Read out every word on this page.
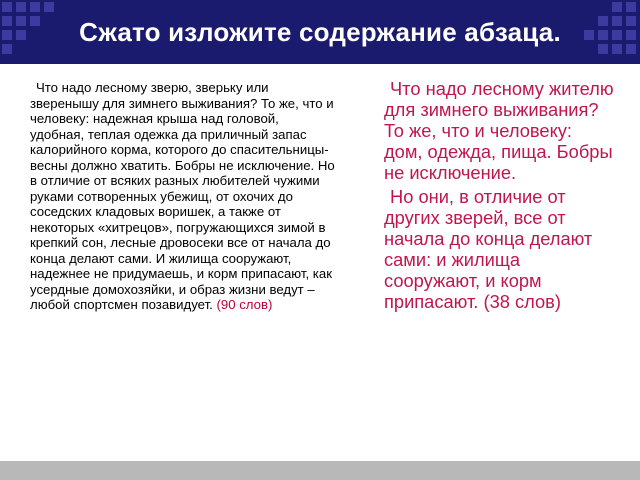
Сжато изложите содержание абзаца.
Что надо лесному зверю, зверьку или зверенышу для зимнего выживания? То же, что и человеку: надежная крыша над головой, удобная, теплая одежка да приличный запас калорийного корма, которого до спасительницы-весны должно хватить. Бобры не исключение. Но в отличие от всяких разных любителей чужими руками сотворенных убежищ, от охочих до соседских кладовых воришек, а также от некоторых «хитрецов», погружающихся зимой в крепкий сон, лесные дровосеки все от начала до конца делают сами. И жилища сооружают, надежнее не придумаешь, и корм припасают, как усердные домохозяйки, и образ жизни ведут – любой спортсмен позавидует. (90 слов)

Что надо лесному жителю для зимнего выживания? То же, что и человеку: дом, одежда, пища. Бобры не исключение.

Но они, в отличие от других зверей, все от начала до конца делают сами: и жилища сооружают, и корм припасают. (38 слов)
